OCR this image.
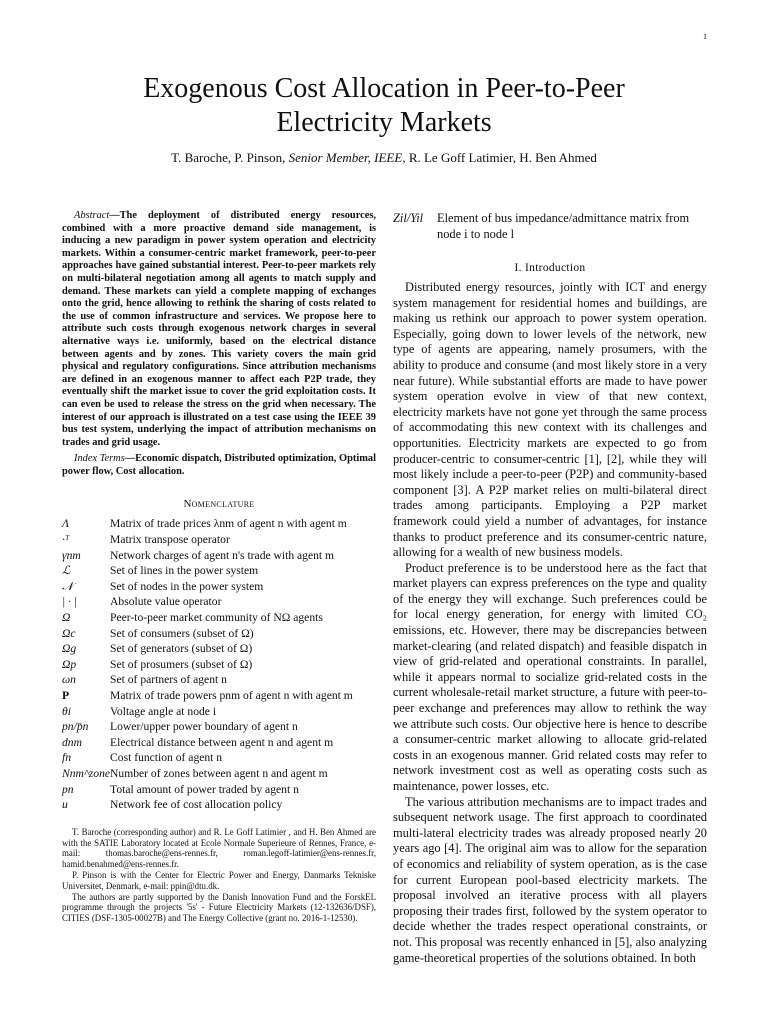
1
Exogenous Cost Allocation in Peer-to-Peer
Electricity Markets
T. Baroche, P. Pinson, Senior Member, IEEE, R. Le Goff Latimier, H. Ben Ahmed

Abstract—The deployment of distributed energy resources, combined with a more proactive demand side management, is inducing a new paradigm in power system operation and electricity markets. Within a consumer-centric market framework, peer-to-peer approaches have gained substantial interest. Peer-to-peer markets rely on multi-bilateral negotiation among all agents to match supply and demand. These markets can yield a complete mapping of exchanges onto the grid, hence allowing to rethink the sharing of costs related to the use of common infrastructure and services. We propose here to attribute such costs through exogenous network charges in several alternative ways i.e. uniformly, based on the electrical distance between agents and by zones. This variety covers the main grid physical and regulatory configurations. Since attribution mechanisms are defined in an exogenous manner to affect each P2P trade, they eventually shift the market issue to cover the grid exploitation costs. It can even be used to release the stress on the grid when necessary. The interest of our approach is illustrated on a test case using the IEEE 39 bus test system, underlying the impact of attribution mechanisms on trades and grid usage.

Index Terms—Economic dispatch, Distributed optimization, Optimal power flow, Cost allocation.

Nomenclature
Λ	Matrix of trade prices λnm of agent n with agent m
·ᵀ	Matrix transpose operator
γnm	Network charges of agent n's trade with agent m
ℒ	Set of lines in the power system
𝒩	Set of nodes in the power system
| · |	Absolute value operator
Ω	Peer-to-peer market community of NΩ agents
Ωc	Set of consumers (subset of Ω)
Ωg	Set of generators (subset of Ω)
Ωp	Set of prosumers (subset of Ω)
ωn	Set of partners of agent n
P	Matrix of trade powers pnm of agent n with agent m
θi	Voltage angle at node i
pn/p̄n	Lower/upper power boundary of agent n
dnm	Electrical distance between agent n and agent m
fn	Cost function of agent n
Nnm^zone	Number of zones between agent n and agent m
pn	Total amount of power traded by agent n
u	Network fee of cost allocation policy

T. Baroche (corresponding author) and R. Le Goff Latimier , and H. Ben Ahmed are with the SATIE Laboratory located at Ecole Normale Superieure of Rennes, France, e-mail: thomas.baroche@ens-rennes.fr, roman.legoff-latimier@ens-rennes.fr, hamid.benahmed@ens-rennes.fr.

P. Pinson is with the Center for Electric Power and Energy, Danmarks Tekniske Universitet, Denmark, e-mail: ppin@dtu.dk.

The authors are partly supported by the Danish Innovation Fund and the ForskEL programme through the projects '5s' - Future Electricity Markets (12-132636/DSF), CITIES (DSF-1305-00027B) and The Energy Collective (grant no. 2016-1-12530).

Zil/Yil	Element of bus impedance/admittance matrix from node i to node l
I. Introduction

Distributed energy resources, jointly with ICT and energy system management for residential homes and buildings, are making us rethink our approach to power system operation. Especially, going down to lower levels of the network, new type of agents are appearing, namely prosumers, with the ability to produce and consume (and most likely store in a very near future). While substantial efforts are made to have power system operation evolve in view of that new context, electricity markets have not gone yet through the same process of accommodating this new context with its challenges and opportunities. Electricity markets are expected to go from producer-centric to consumer-centric [1], [2], while they will most likely include a peer-to-peer (P2P) and community-based component [3]. A P2P market relies on multi-bilateral direct trades among participants. Employing a P2P market framework could yield a number of advantages, for instance thanks to product preference and its consumer-centric nature, allowing for a wealth of new business models.

Product preference is to be understood here as the fact that market players can express preferences on the type and quality of the energy they will exchange. Such preferences could be for local energy generation, for energy with limited CO₂ emissions, etc. However, there may be discrepancies between market-clearing (and related dispatch) and feasible dispatch in view of grid-related and operational constraints. In parallel, while it appears normal to socialize grid-related costs in the current wholesale-retail market structure, a future with peer-to-peer exchange and preferences may allow to rethink the way we attribute such costs. Our objective here is hence to describe a consumer-centric market allowing to allocate grid-related costs in an exogenous manner. Grid related costs may refer to network investment cost as well as operating costs such as maintenance, power losses, etc.

The various attribution mechanisms are to impact trades and subsequent network usage. The first approach to coordinated multi-lateral electricity trades was already proposed nearly 20 years ago [4]. The original aim was to allow for the separation of economics and reliability of system operation, as is the case for current European pool-based electricity markets. The proposal involved an iterative process with all players proposing their trades first, followed by the system operator to decide whether the trades respect operational constraints, or not. This proposal was recently enhanced in [5], also analyzing game-theoretical properties of the solutions obtained. In both
